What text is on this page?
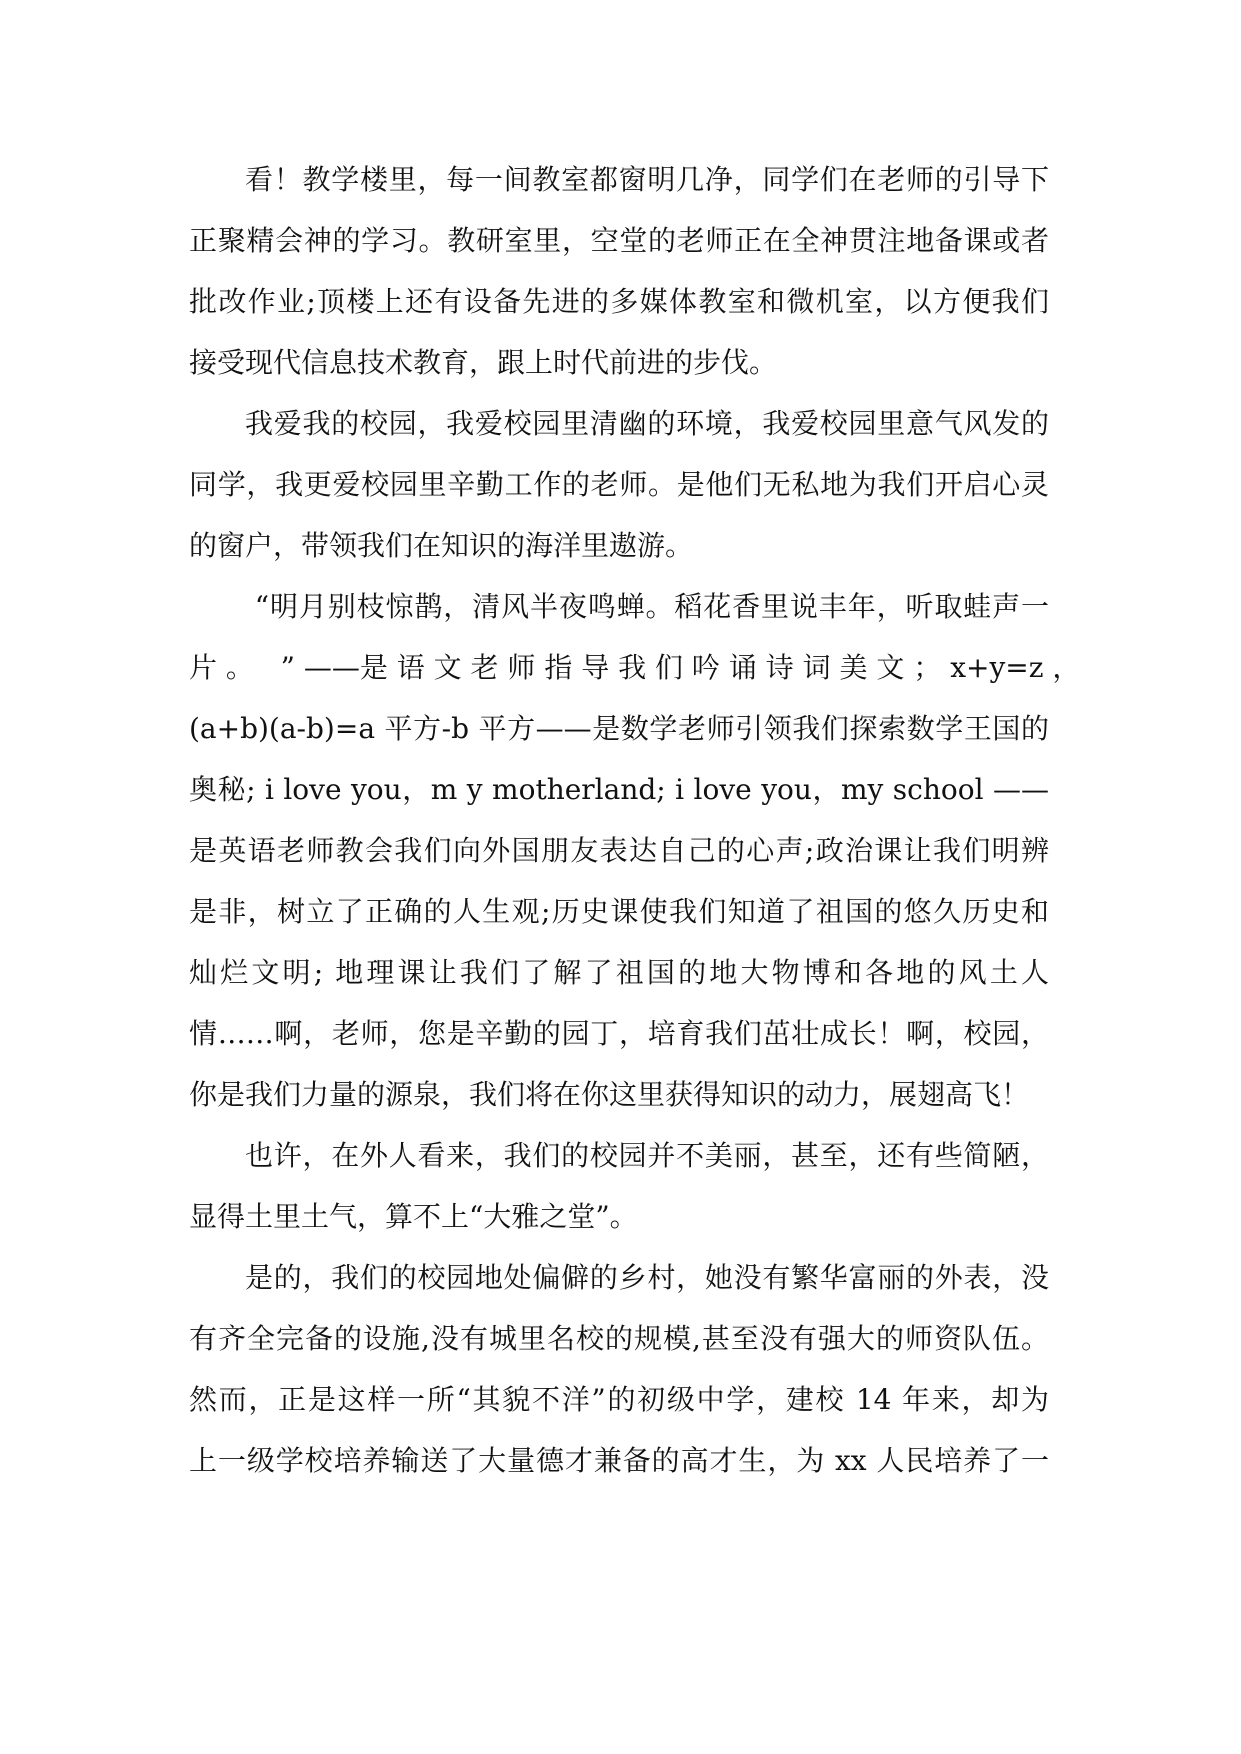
看！教学楼里，每一间教室都窗明几净，同学们在老师的引导下
正聚精会神的学习。教研室里，空堂的老师正在全神贯注地备课或者
批改作业;顶楼上还有设备先进的多媒体教室和微机室，以方便我们
接受现代信息技术教育，跟上时代前进的步伐。
我爱我的校园，我爱校园里清幽的环境，我爱校园里意气风发的
同学，我更爱校园里辛勤工作的老师。是他们无私地为我们开启心灵
的窗户，带领我们在知识的海洋里遨游。
“明月别枝惊鹊，清风半夜鸣蝉。稻花香里说丰年，听取蛙声一
片 。   ” ——是 语 文 老 师 指 导 我 们 吟 诵 诗 词 美 文 ； x+y=z ，
(a+b)(a-b)=a 平方-b 平方——是数学老师引领我们探索数学王国的
奥秘; i love you，m y motherland; i love you，my school ——
是英语老师教会我们向外国朋友表达自己的心声;政治课让我们明辨
是非，树立了正确的人生观;历史课使我们知道了祖国的悠久历史和
灿烂文明; 地理课让我们了解了祖国的地大物博和各地的风土人
情……啊，老师，您是辛勤的园丁，培育我们茁壮成长！啊，校园，
你是我们力量的源泉，我们将在你这里获得知识的动力，展翅高飞！
也许，在外人看来，我们的校园并不美丽，甚至，还有些简陋，
显得土里土气，算不上“大雅之堂”。
是的，我们的校园地处偏僻的乡村，她没有繁华富丽的外表，没
有齐全完备的设施,没有城里名校的规模,甚至没有强大的师资队伍。
然而，正是这样一所“其貌不洋”的初级中学，建校 14 年来，却为
上一级学校培养输送了大量德才兼备的高才生，为 xx 人民培养了一
